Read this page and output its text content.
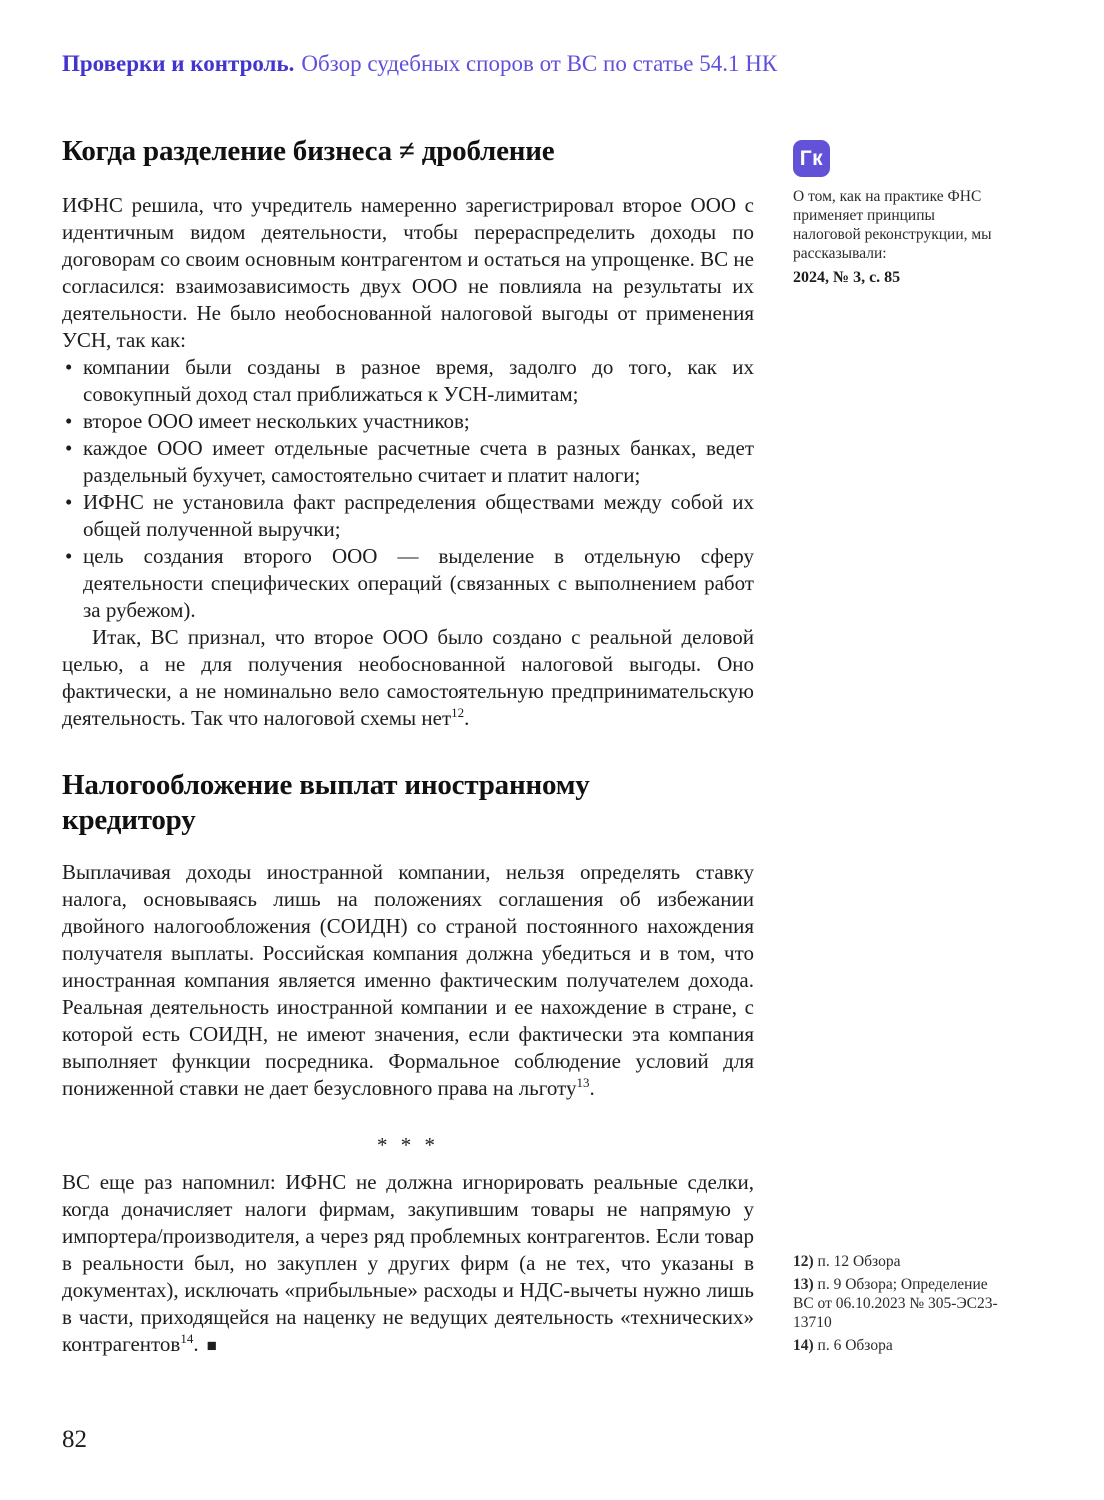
Проверки и контроль. Обзор судебных споров от ВС по статье 54.1 НК
Когда разделение бизнеса ≠ дробление

ИФНС решила, что учредитель намеренно зарегистрировал второе ООО с идентичным видом деятельности, чтобы перераспределить доходы по договорам со своим основным контрагентом и остаться на упрощенке. ВС не согласился: взаимозависимость двух ООО не повлияла на результаты их деятельности. Не было необоснованной налоговой выгоды от применения УСН, так как:

• компании были созданы в разное время, задолго до того, как их совокупный доход стал приближаться к УСН-лимитам;
• второе ООО имеет нескольких участников;
• каждое ООО имеет отдельные расчетные счета в разных банках, ведет раздельный бухучет, самостоятельно считает и платит налоги;
• ИФНС не установила факт распределения обществами между собой их общей полученной выручки;
• цель создания второго ООО — выделение в отдельную сферу деятельности специфических операций (связанных с выполнением работ за рубежом).

Итак, ВС признал, что второе ООО было создано с реальной деловой целью, а не для получения необоснованной налоговой выгоды. Оно фактически, а не номинально вело самостоятельную предпринимательскую деятельность. Так что налоговой схемы нет$^{12}$.

Налогообложение выплат иностранному кредитору

Выплачивая доходы иностранной компании, нельзя определять ставку налога, основываясь лишь на положениях соглашения об избежании двойного налогообложения (СОИДН) со страной постоянного нахождения получателя выплаты. Российская компания должна убедиться и в том, что иностранная компания является именно фактическим получателем дохода. Реальная деятельность иностранной компании и ее нахождение в стране, с которой есть СОИДН, не имеют значения, если фактически эта компания выполняет функции посредника. Формальное соблюдение условий для пониженной ставки не дает безусловного права на льготу$^{13}$.

* * *

ВС еще раз напомнил: ИФНС не должна игнорировать реальные сделки, когда доначисляет налоги фирмам, закупившим товары не напрямую у импортера/производителя, а через ряд проблемных контрагентов. Если товар в реальности был, но закуплен у других фирм (а не тех, что указаны в документах), исключать «прибыльные» расходы и НДС-вычеты нужно лишь в части, приходящейся на наценку не ведущих деятельность «технических» контрагентов$^{14}$. ■

Гк
О том, как на практике ФНС применяет принципы налоговой реконструкции, мы рассказывали:
2024, № 3, с. 85
12) п. 12 Обзора
13) п. 9 Обзора; Определение ВС от 06.10.2023 № 305-ЭС23-13710
14) п. 6 Обзора
82
